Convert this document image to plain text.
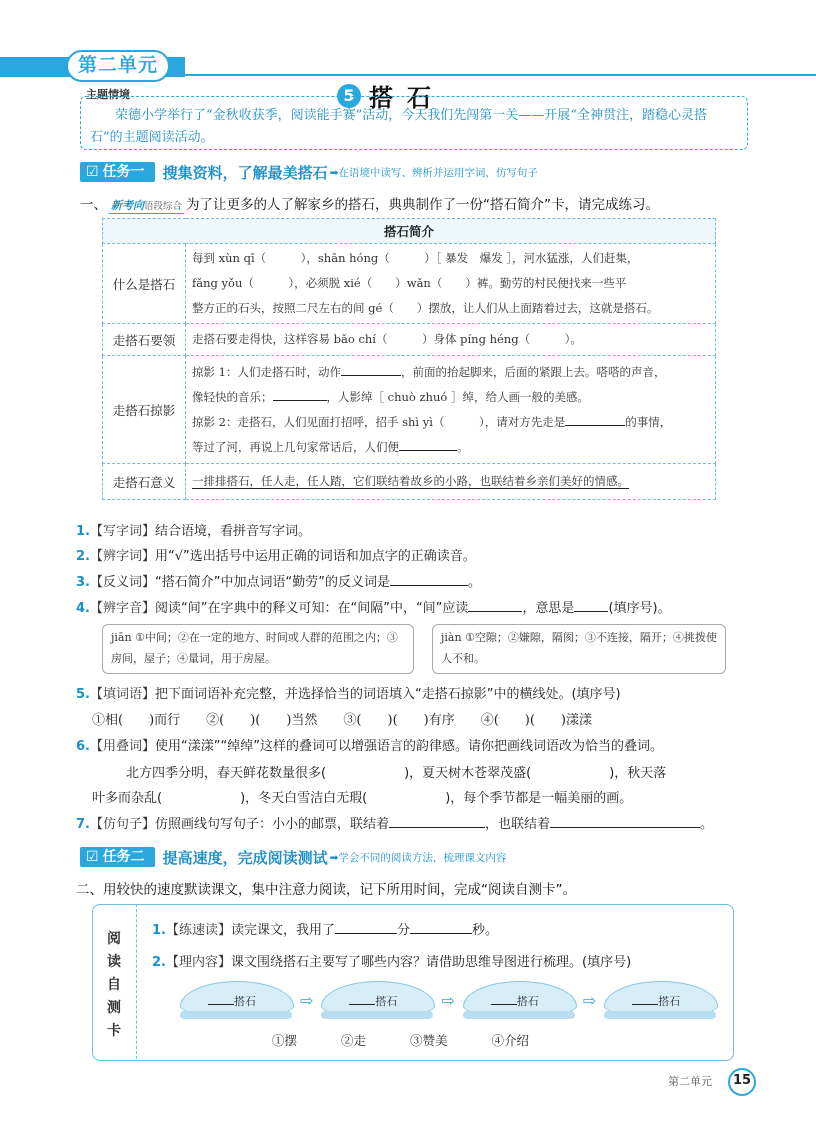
第二单元
5 搭石
主题情境
荣德小学举行了“金秋收获季，阅读能手赛”活动，今天我们先闯第一关——开展“全神贯注，踏稳心灵搭石”的主题阅读活动。
☑ 任务一 搜集资料，了解最美搭石 ➡在语境中读写、辨析并运用字词，仿写句子
一、 新考向语段综合 为了让更多的人了解家乡的搭石，典典制作了一份“搭石简介”卡，请完成练习。
搭石简介	
什么是搭石	每到 xùn qī（　　　），shān hóng（　　　）［ 暴发　爆发 ］，河水猛涨，人们赶集，
fǎng yǒu（　　　），必须脱 xié（　　）wǎn（　　）裤。勤劳的村民便找来一些平
整方正的石头，按照二尺左右的间 gé（　　）摆放，让人们从上面踏着过去，这就是搭石。

走搭石要领	走搭石要走得快，这样容易 bǎo chí（　　　）身体 píng héng（　　　）。
走搭石掠影	掠影 1：人们走搭石时，动作 ，前面的抬起脚来，后面的紧跟上去。嗒嗒的声音，
像轻快的音乐； ，人影绰［ chuò zhuó ］绰，给人画一般的美感。
掠影 2：走搭石，人们见面打招呼，招手 shì yì（　　　），请对方先走是 的事情，
等过了河，再说上几句家常话后，人们便 。

走搭石意义	一排排搭石，任人走，任人踏，它们联结着故乡的小路，也联结着乡亲们美好的情感。
1.【写字词】结合语境，看拼音写字词。
2.【辨字词】用“√”选出括号中运用正确的词语和加点字的正确读音。
3.【反义词】“搭石简介”中加点词语“勤劳”的反义词是	。
4.【辨字音】阅读“间”在字典中的释义可知：在“间隔”中，“间”应读	，意思是	(填序号)。
jiān ①中间；②在一定的地方、时间或人群的范围之内；③房间，屋子；④量词，用于房屋。
jiàn ①空隙；②嫌隙，隔阂；③不连接，隔开；④挑拨使人不和。
5.【填词语】把下面词语补充完整，并选择恰当的词语填入“走搭石掠影”中的横线处。(填序号)
①相(　　)而行　　②(　　)(　　)当然　　③(　　)(　　)有序　　④(　　)(　　)漾漾
6.【用叠词】使用“漾漾”“绰绰”这样的叠词可以增强语言的韵律感。请你把画线词语改为恰当的叠词。
北方四季分明，春天鲜花数量很多(　　　　　　)，夏天树木苍翠茂盛(　　　　　　)，秋天落
叶多而杂乱(　　　　　　)，冬天白雪洁白无瑕(　　　　　　)，每个季节都是一幅美丽的画。
7.【仿句子】仿照画线句写句子：小小的邮票，联结着	，也联结着	。
☑ 任务二 提高速度，完成阅读测试 ➡学会不同的阅读方法，梳理课文内容
二、用较快的速度默读课文，集中注意力阅读，记下所用时间，完成“阅读自测卡”。
阅读自测卡
1.【练速读】读完课文，我用了	分	秒。
2.【理内容】课文围绕搭石主要写了哪些内容？请借助思维导图进行梳理。(填序号)
搭石	⇨	搭石	⇨	搭石	⇨	搭石
①摆	②走	③赞美	④介绍
第二单元	15
